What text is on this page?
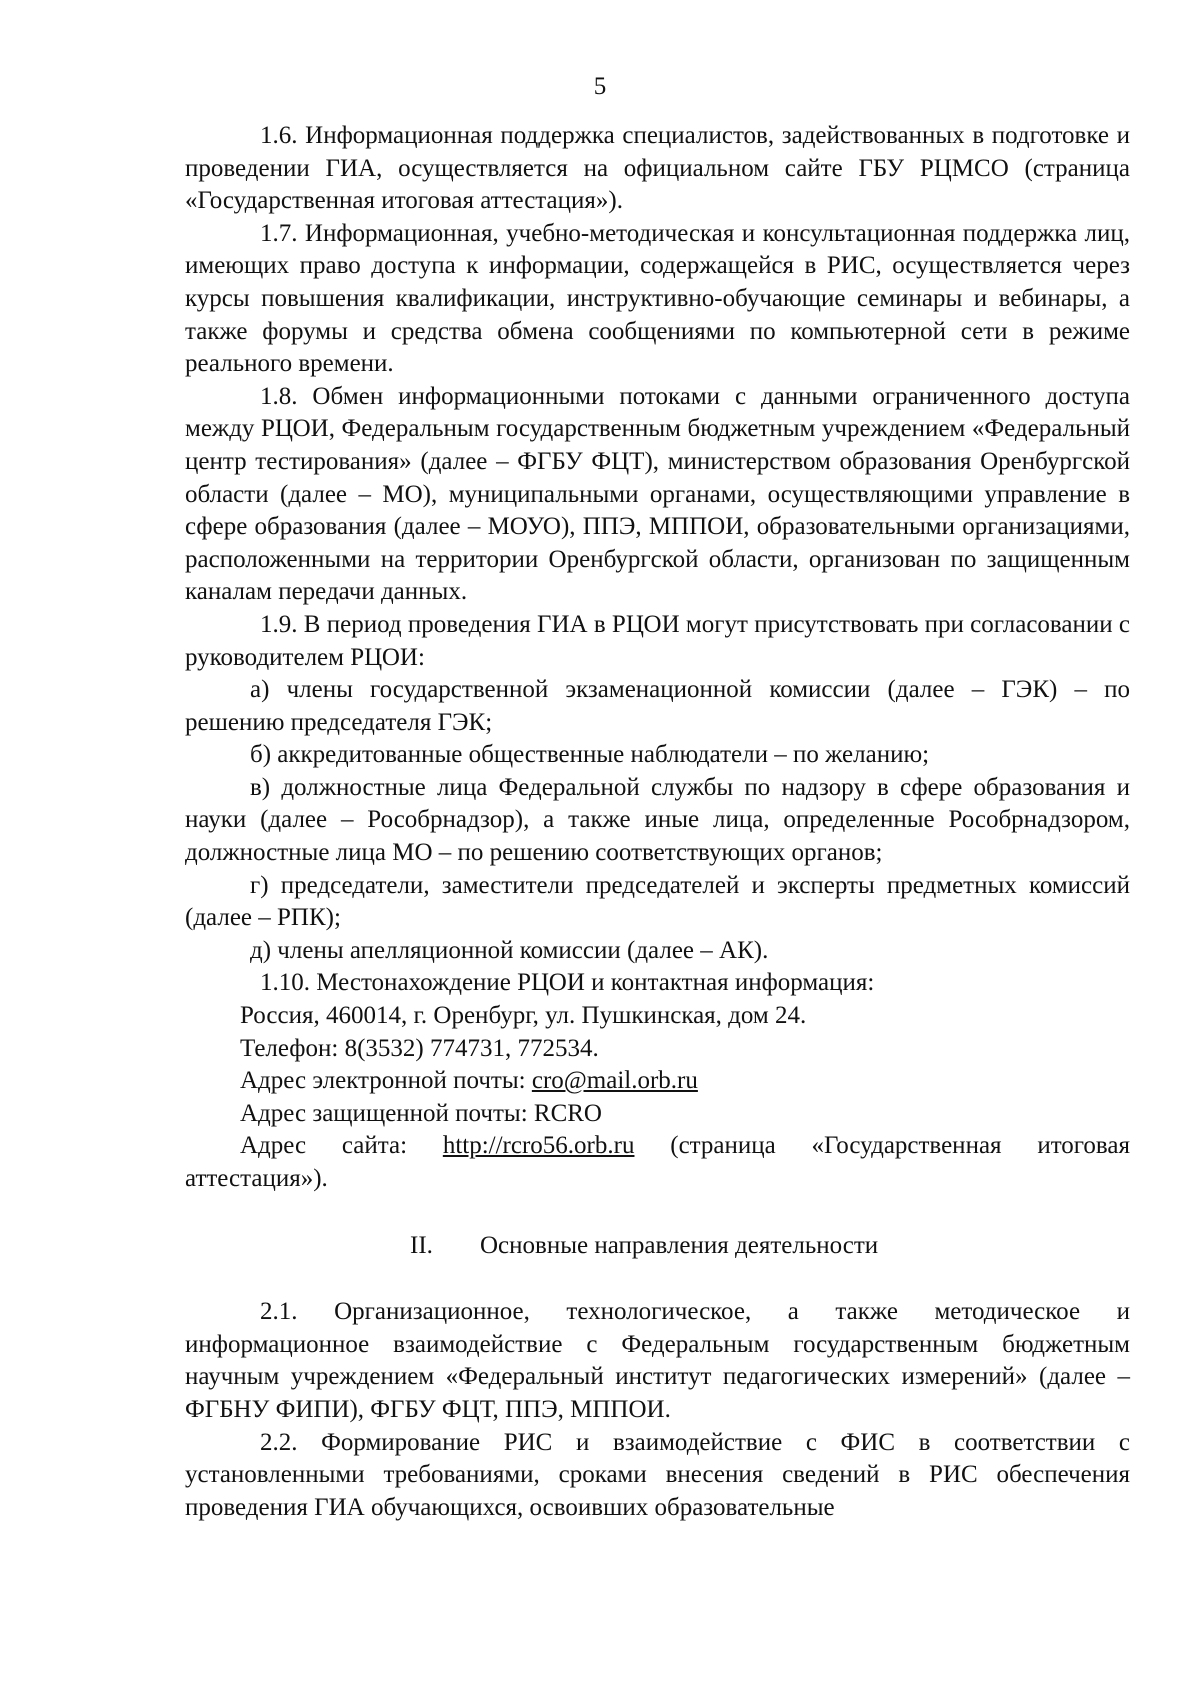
5

1.6. Информационная поддержка специалистов, задействованных в подготовке и проведении ГИА, осуществляется на официальном сайте ГБУ РЦМСО (страница «Государственная итоговая аттестация»).

1.7. Информационная, учебно-методическая и консультационная поддержка лиц, имеющих право доступа к информации, содержащейся в РИС, осуществляется через курсы повышения квалификации, инструктивно-обучающие семинары и вебинары, а также форумы и средства обмена сообщениями по компьютерной сети в режиме реального времени.

1.8. Обмен информационными потоками с данными ограниченного доступа между РЦОИ, Федеральным государственным бюджетным учреждением «Федеральный центр тестирования» (далее – ФГБУ ФЦТ), министерством образования Оренбургской области (далее – МО), муниципальными органами, осуществляющими управление в сфере образования (далее – МОУО), ППЭ, МППОИ, образовательными организациями, расположенными на территории Оренбургской области, организован по защищенным каналам передачи данных.

1.9. В период проведения ГИА в РЦОИ могут присутствовать при согласовании с руководителем РЦОИ:

а) члены государственной экзаменационной комиссии (далее – ГЭК) – по решению председателя ГЭК;

б) аккредитованные общественные наблюдатели – по желанию;

в) должностные лица Федеральной службы по надзору в сфере образования и науки (далее – Рособрнадзор), а также иные лица, определенные Рособрнадзором, должностные лица МО – по решению соответствующих органов;

г) председатели, заместители председателей и эксперты предметных комиссий (далее – РПК);

д) члены апелляционной комиссии (далее – АК).

1.10. Местонахождение РЦОИ и контактная информация:

Россия, 460014, г. Оренбург, ул. Пушкинская, дом 24.

Телефон: 8(3532) 774731, 772534.

Адрес электронной почты: cro@mail.orb.ru

Адрес защищенной почты: RCRO

Адрес сайта: http://rcro56.orb.ru (страница «Государственная итоговая аттестация»).

II. Основные направления деятельности

2.1. Организационное, технологическое, а также методическое и информационное взаимодействие с Федеральным государственным бюджетным научным учреждением «Федеральный институт педагогических измерений» (далее – ФГБНУ ФИПИ), ФГБУ ФЦТ, ППЭ, МППОИ.

2.2. Формирование РИС и взаимодействие с ФИС в соответствии с установленными требованиями, сроками внесения сведений в РИС обеспечения проведения ГИА обучающихся, освоивших образовательные
